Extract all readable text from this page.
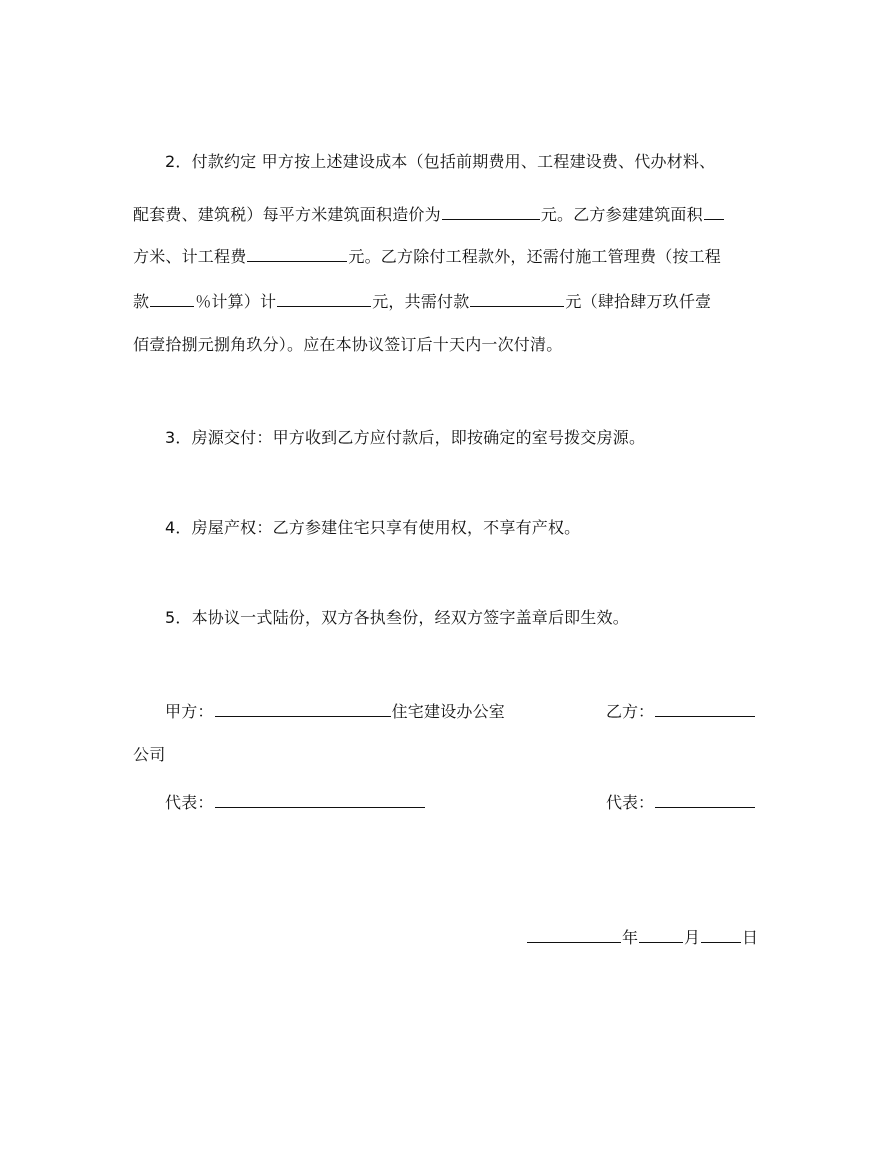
2．付款约定 甲方按上述建设成本（包括前期费用、工程建设费、代办材料、
配套费、建筑税）每平方米建筑面积造价为	元。乙方参建建筑面积
方米、计工程费	元。乙方除付工程款外，还需付施工管理费（按工程
款	％计算）计	元，共需付款	元（肆拾肆万玖仟壹
佰壹拾捌元捌角玖分）。应在本协议签订后十天内一次付清。
3．房源交付：甲方收到乙方应付款后，即按确定的室号拨交房源。
4．房屋产权：乙方参建住宅只享有使用权，不享有产权。
5．本协议一式陆份，双方各执叁份，经双方签字盖章后即生效。
甲方：	住宅建设办公室	乙方：
公司
代表：	代表：
年	月	日
